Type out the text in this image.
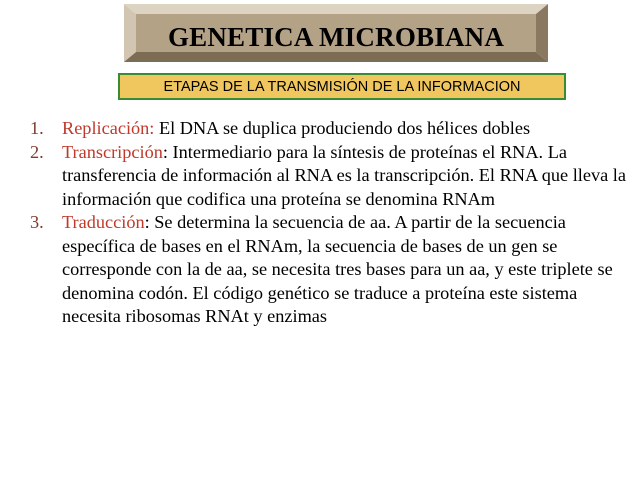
GENETICA MICROBIANA
ETAPAS DE LA TRANSMISIÓN DE LA INFORMACION
1. Replicación: El DNA se duplica produciendo dos hélices dobles
2. Transcripción: Intermediario para la síntesis de proteínas el RNA. La transferencia de información al RNA es la transcripción. El RNA que lleva la información que codifica una proteína se denomina RNAm
3. Traducción: Se determina la secuencia de aa. A partir de la secuencia específica de bases en el RNAm, la secuencia de bases de un gen se corresponde con la de aa, se necesita tres bases para un aa, y este triplete se denomina codón. El código genético se traduce a proteína este sistema necesita ribosomas RNAt y enzimas
